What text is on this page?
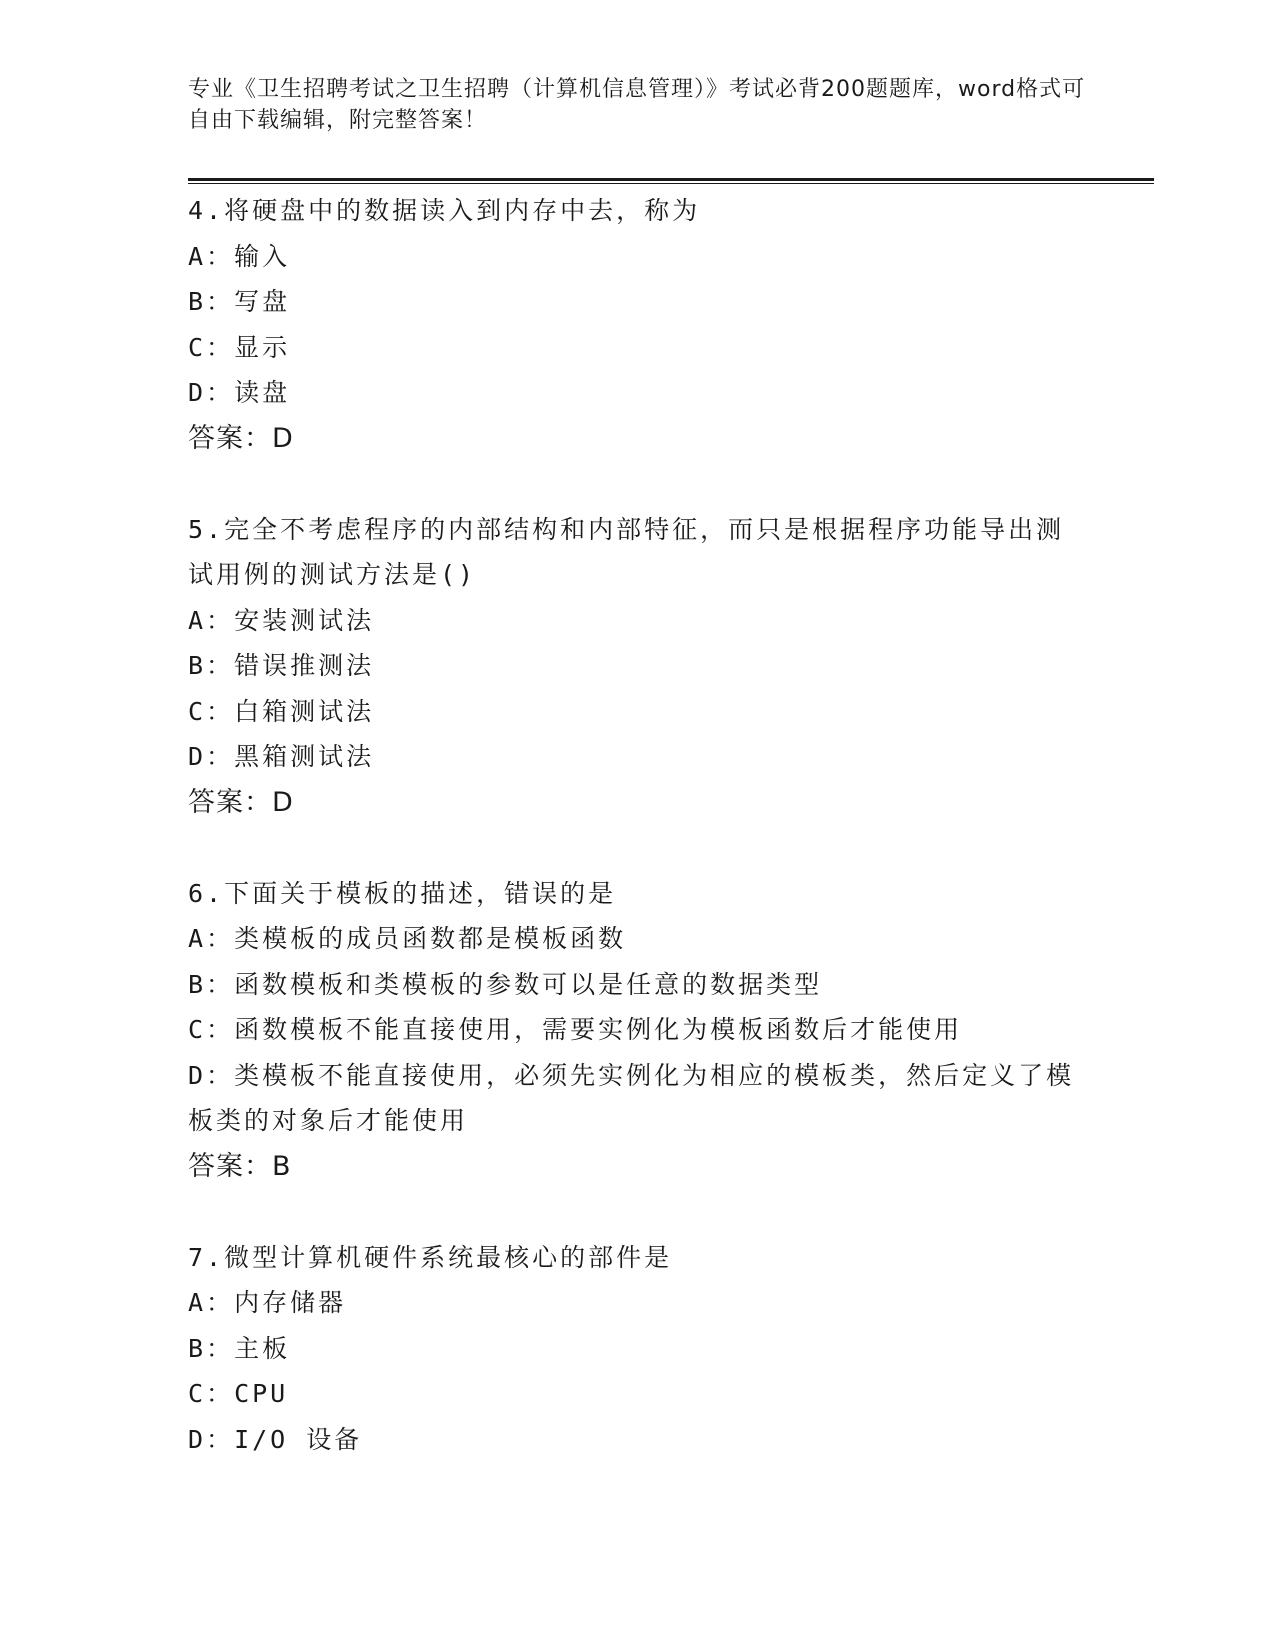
专业《卫生招聘考试之卫生招聘（计算机信息管理）》考试必背200题题库，word格式可自由下载编辑，附完整答案！
4.将硬盘中的数据读入到内存中去，称为
A：输入
B：写盘
C：显示
D：读盘
答案：D
5.完全不考虑程序的内部结构和内部特征，而只是根据程序功能导出测试用例的测试方法是()
A：安装测试法
B：错误推测法
C：白箱测试法
D：黑箱测试法
答案：D
6.下面关于模板的描述，错误的是
A：类模板的成员函数都是模板函数
B：函数模板和类模板的参数可以是任意的数据类型
C：函数模板不能直接使用，需要实例化为模板函数后才能使用
D：类模板不能直接使用，必须先实例化为相应的模板类，然后定义了模板类的对象后才能使用
答案：B
7.微型计算机硬件系统最核心的部件是
A：内存储器
B：主板
C：CPU
D：I/O 设备
